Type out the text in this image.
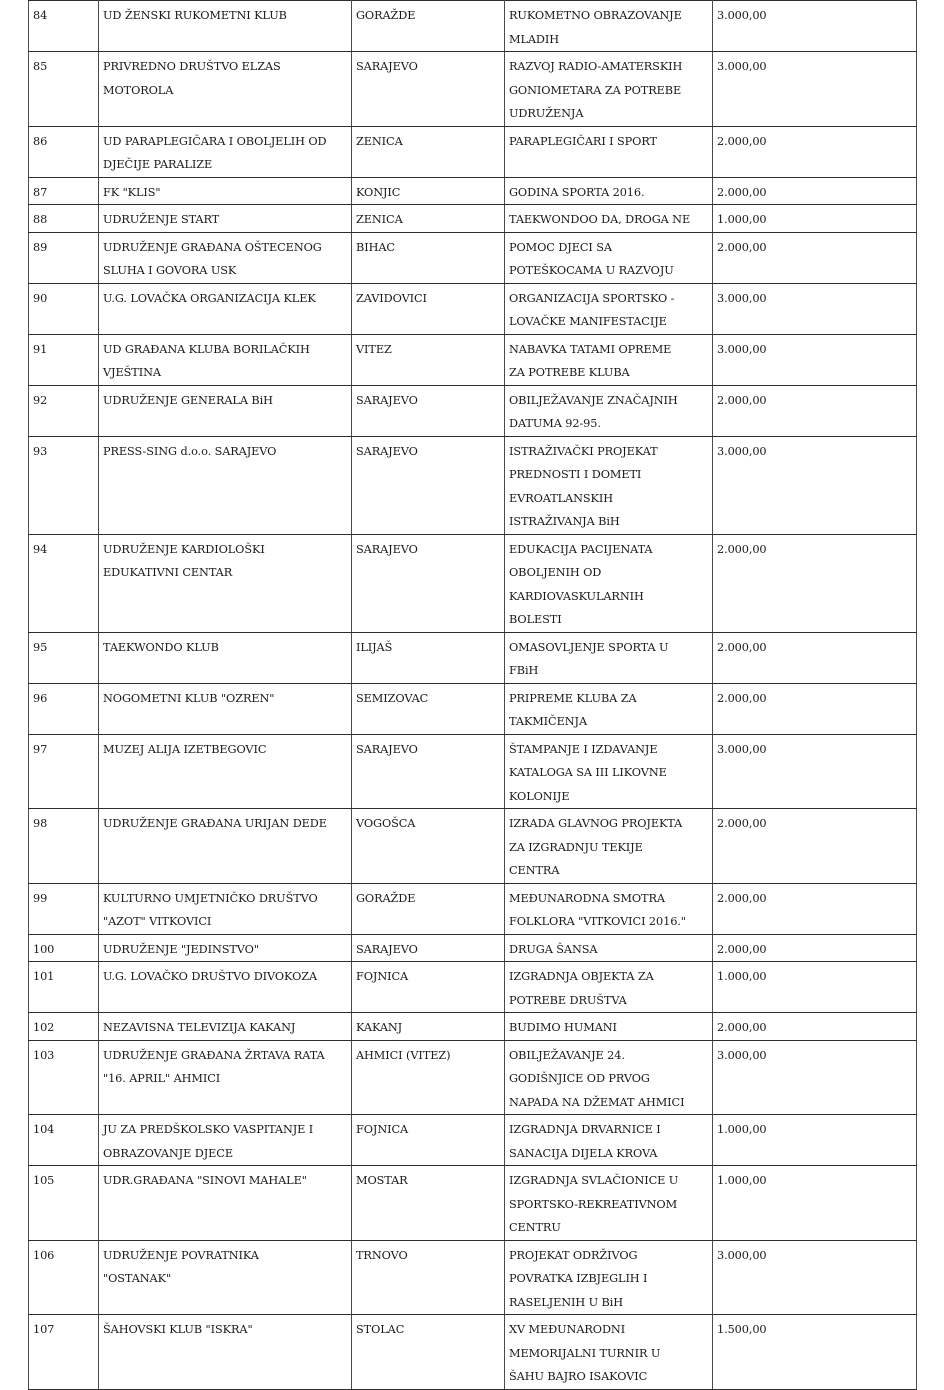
84	UD ŽENSKI RUKOMETNI KLUB	GORAŽDE	RUKOMETNO OBRAZOVANJE
MLADIH	3.000,00

85	PRIVREDNO DRUŠTVO ELZAS
MOTOROLA	SARAJEVO	RAZVOJ RADIO-AMATERSKIH
GONIOMETARA ZA POTREBE
UDRUŽENJA	3.000,00

86	UD PARAPLEGIČARA I OBOLJELIH OD
DJEČIJE PARALIZE	ZENICA	PARAPLEGIČARI I SPORT	2.000,00

87	FK "KLIS"	KONJIC	GODINA SPORTA 2016.	2.000,00

88	UDRUŽENJE START	ZENICA	TAEKWONDOO DA, DROGA NE	1.000,00

89	UDRUŽENJE GRAĐANA OŠTECENOG
SLUHA I GOVORA USK	BIHAC	POMOC DJECI SA
POTEŠKOCAMA U RAZVOJU	2.000,00

90	U.G. LOVAČKA ORGANIZACIJA KLEK	ZAVIDOVICI	ORGANIZACIJA SPORTSKO -
LOVAČKE MANIFESTACIJE	3.000,00

91	UD GRAĐANA KLUBA BORILAČKIH
VJEŠTINA	VITEZ	NABAVKA TATAMI OPREME
ZA POTREBE KLUBA	3.000,00

92	UDRUŽENJE GENERALA BiH	SARAJEVO	OBILJEŽAVANJE ZNAČAJNIH
DATUMA 92-95.	2.000,00

93	PRESS-SING d.o.o. SARAJEVO	SARAJEVO	ISTRAŽIVAČKI PROJEKAT
PREDNOSTI I DOMETI
EVROATLANSKIH
ISTRAŽIVANJA BiH	3.000,00

94	UDRUŽENJE KARDIOLOŠKI
EDUKATIVNI CENTAR	SARAJEVO	EDUKACIJA PACIJENATA
OBOLJENIH OD
KARDIOVASKULARNIH
BOLESTI	2.000,00

95	TAEKWONDO KLUB	ILIJAŠ	OMASOVLJENJE SPORTA U
FBiH	2.000,00

96	NOGOMETNI KLUB "OZREN"	SEMIZOVAC	PRIPREME KLUBA ZA
TAKMIČENJA	2.000,00

97	MUZEJ ALIJA IZETBEGOVIC	SARAJEVO	ŠTAMPANJE I IZDAVANJE
KATALOGA SA III LIKOVNE
KOLONIJE	3.000,00

98	UDRUŽENJE GRAĐANA URIJAN DEDE	VOGOŠCA	IZRADA GLAVNOG PROJEKTA
ZA IZGRADNJU TEKIJE
CENTRA	2.000,00

99	KULTURNO UMJETNIČKO DRUŠTVO
"AZOT" VITKOVICI	GORAŽDE	MEĐUNARODNA SMOTRA
FOLKLORA "VITKOVICI 2016."	2.000,00

100	UDRUŽENJE "JEDINSTVO"	SARAJEVO	DRUGA ŠANSA	2.000,00

101	U.G. LOVAČKO DRUŠTVO DIVOKOZA	FOJNICA	IZGRADNJA OBJEKTA ZA
POTREBE DRUŠTVA	1.000,00

102	NEZAVISNA TELEVIZIJA KAKANJ	KAKANJ	BUDIMO HUMANI	2.000,00

103	UDRUŽENJE GRAĐANA ŽRTAVA RATA
"16. APRIL" AHMICI	AHMICI (VITEZ)	OBILJEŽAVANJE 24.
GODIŠNJICE OD PRVOG
NAPADA NA DŽEMAT AHMICI	3.000,00

104	JU ZA PREDŠKOLSKO VASPITANJE I
OBRAZOVANJE DJECE	FOJNICA	IZGRADNJA DRVARNICE I
SANACIJA DIJELA KROVA	1.000,00

105	UDR.GRAĐANA "SINOVI MAHALE"	MOSTAR	IZGRADNJA SVLAČIONICE U
SPORTSKO-REKREATIVNOM
CENTRU	1.000,00

106	UDRUŽENJE POVRATNIKA
"OSTANAK"	TRNOVO	PROJEKAT ODRŽIVOG
POVRATKA IZBJEGLIH I
RASELJENIH U BiH	3.000,00

107	ŠAHOVSKI KLUB "ISKRA"	STOLAC	XV MEĐUNARODNI
MEMORIJALNI TURNIR U
ŠAHU BAJRO ISAKOVIC	1.500,00
